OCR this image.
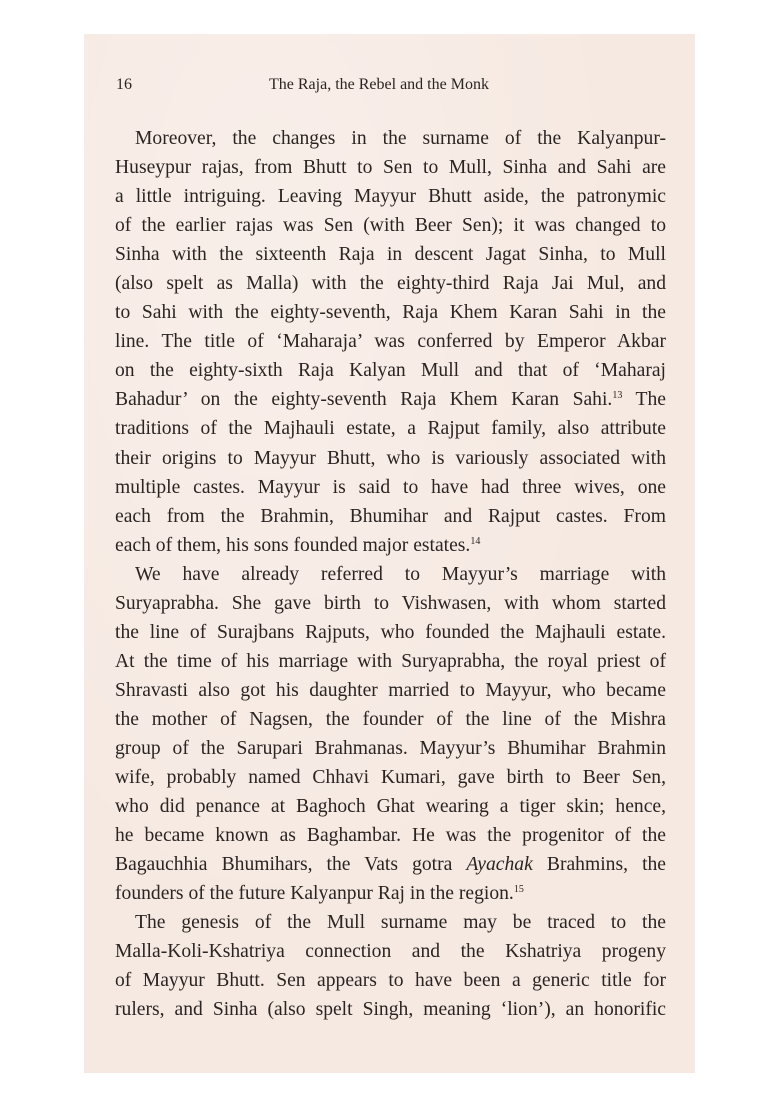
16	The Raja, the Rebel and the Monk
Moreover, the changes in the surname of the Kalyanpur-
Huseypur rajas, from Bhutt to Sen to Mull, Sinha and Sahi are
a little intriguing. Leaving Mayyur Bhutt aside, the patronymic
of the earlier rajas was Sen (with Beer Sen); it was changed to
Sinha with the sixteenth Raja in descent Jagat Sinha, to Mull
(also spelt as Malla) with the eighty-third Raja Jai Mul, and
to Sahi with the eighty-seventh, Raja Khem Karan Sahi in the
line. The title of ‘Maharaja’ was conferred by Emperor Akbar
on the eighty-sixth Raja Kalyan Mull and that of ‘Maharaj
Bahadur’ on the eighty-seventh Raja Khem Karan Sahi.$^{13}$ The
traditions of the Majhauli estate, a Rajput family, also attribute
their origins to Mayyur Bhutt, who is variously associated with
multiple castes. Mayyur is said to have had three wives, one
each from the Brahmin, Bhumihar and Rajput castes. From
each of them, his sons founded major estates.$^{14}$
We have already referred to Mayyur’s marriage with
Suryaprabha. She gave birth to Vishwasen, with whom started
the line of Surajbans Rajputs, who founded the Majhauli estate.
At the time of his marriage with Suryaprabha, the royal priest of
Shravasti also got his daughter married to Mayyur, who became
the mother of Nagsen, the founder of the line of the Mishra
group of the Sarupari Brahmanas. Mayyur’s Bhumihar Brahmin
wife, probably named Chhavi Kumari, gave birth to Beer Sen,
who did penance at Baghoch Ghat wearing a tiger skin; hence,
he became known as Baghambar. He was the progenitor of the
Bagauchhia Bhumihars, the Vats gotra Ayachak Brahmins, the
founders of the future Kalyanpur Raj in the region.$^{15}$
The genesis of the Mull surname may be traced to the
Malla-Koli-Kshatriya connection and the Kshatriya progeny
of Mayyur Bhutt. Sen appears to have been a generic title for
rulers, and Sinha (also spelt Singh, meaning ‘lion’), an honorific
